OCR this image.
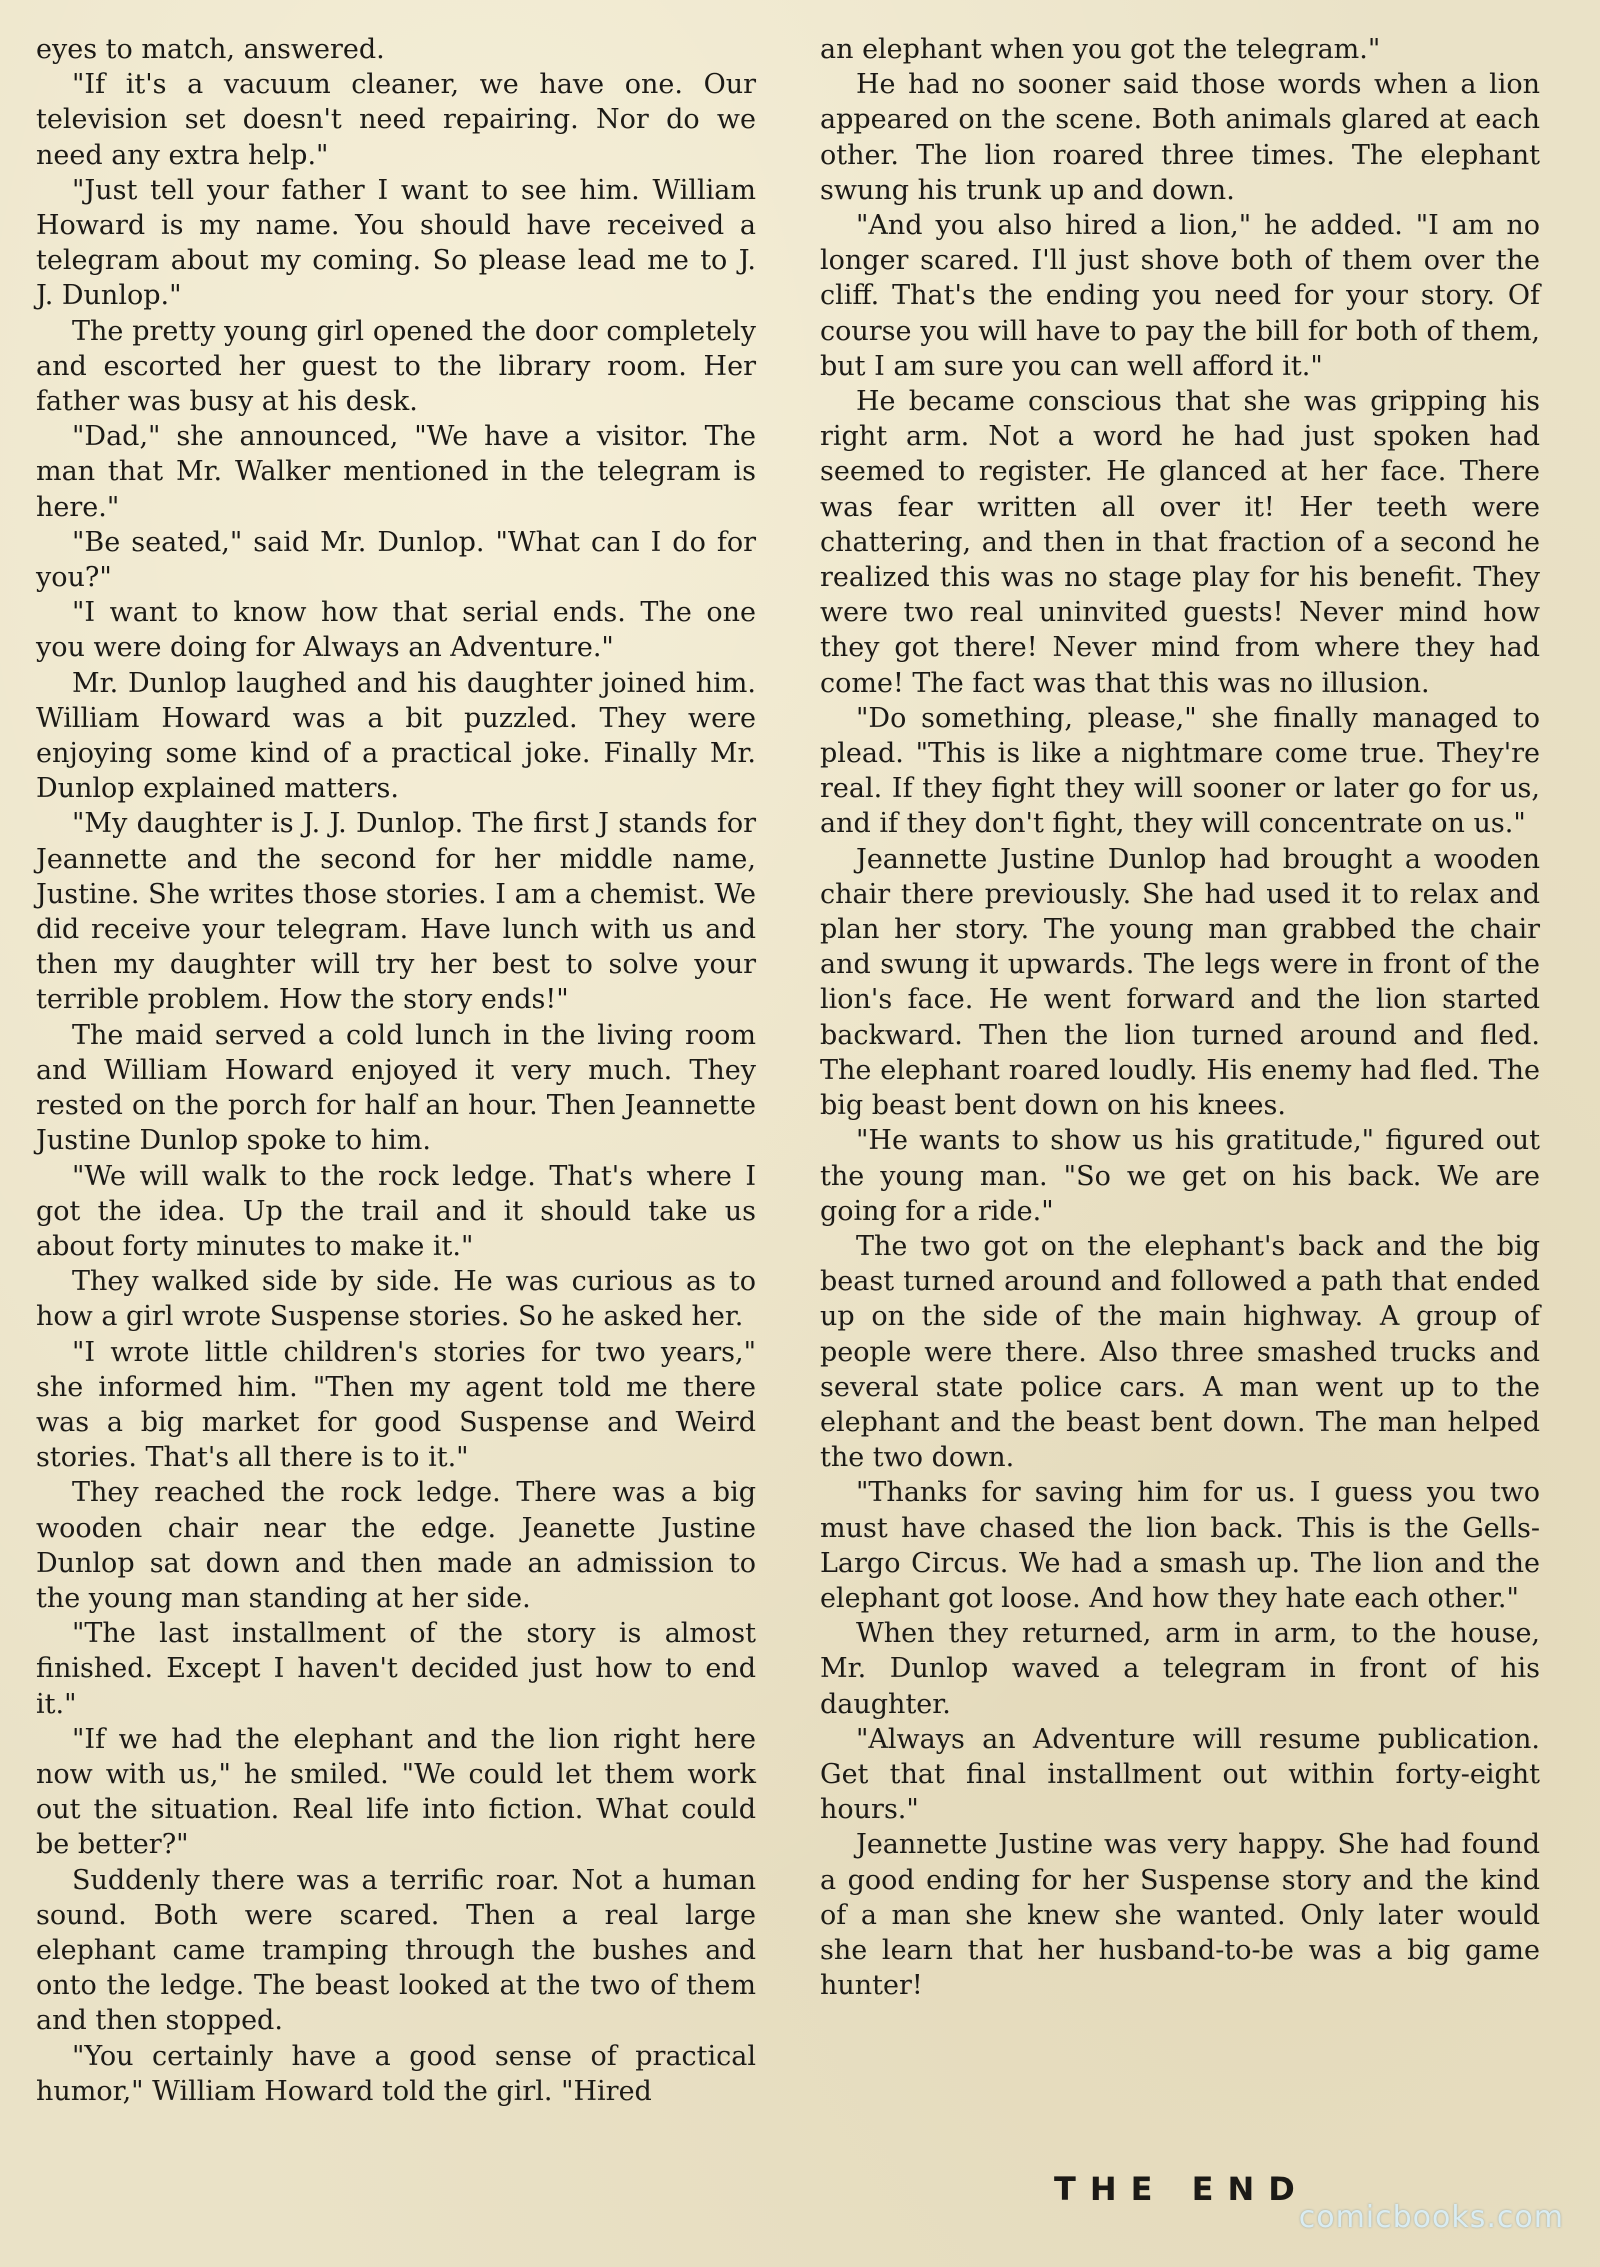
eyes to match, answered.

"If it's a vacuum cleaner, we have one. Our television set doesn't need repairing. Nor do we need any extra help."

"Just tell your father I want to see him. William Howard is my name. You should have received a telegram about my coming. So please lead me to J. J. Dunlop."

The pretty young girl opened the door completely and escorted her guest to the library room. Her father was busy at his desk.

"Dad," she announced, "We have a visitor. The man that Mr. Walker mentioned in the telegram is here."

"Be seated," said Mr. Dunlop. "What can I do for you?"

"I want to know how that serial ends. The one you were doing for Always an Adventure."

Mr. Dunlop laughed and his daughter joined him. William Howard was a bit puzzled. They were enjoying some kind of a practical joke. Finally Mr. Dunlop explained matters.

"My daughter is J. J. Dunlop. The first J stands for Jeannette and the second for her middle name, Justine. She writes those stories. I am a chemist. We did receive your telegram. Have lunch with us and then my daughter will try her best to solve your terrible problem. How the story ends!"

The maid served a cold lunch in the living room and William Howard enjoyed it very much. They rested on the porch for half an hour. Then Jeannette Justine Dunlop spoke to him.

"We will walk to the rock ledge. That's where I got the idea. Up the trail and it should take us about forty minutes to make it."

They walked side by side. He was curious as to how a girl wrote Suspense stories. So he asked her.

"I wrote little children's stories for two years," she informed him. "Then my agent told me there was a big market for good Suspense and Weird stories. That's all there is to it."

They reached the rock ledge. There was a big wooden chair near the edge. Jeanette Justine Dunlop sat down and then made an admission to the young man standing at her side.

"The last installment of the story is almost finished. Except I haven't decided just how to end it."

"If we had the elephant and the lion right here now with us," he smiled. "We could let them work out the situation. Real life into fiction. What could be better?"

Suddenly there was a terrific roar. Not a human sound. Both were scared. Then a real large elephant came tramping through the bushes and onto the ledge. The beast looked at the two of them and then stopped.

"You certainly have a good sense of practical humor," William Howard told the girl. "Hired

an elephant when you got the telegram."

He had no sooner said those words when a lion appeared on the scene. Both animals glared at each other. The lion roared three times. The elephant swung his trunk up and down.

"And you also hired a lion," he added. "I am no longer scared. I'll just shove both of them over the cliff. That's the ending you need for your story. Of course you will have to pay the bill for both of them, but I am sure you can well afford it."

He became conscious that she was gripping his right arm. Not a word he had just spoken had seemed to register. He glanced at her face. There was fear written all over it! Her teeth were chattering, and then in that fraction of a second he realized this was no stage play for his benefit. They were two real uninvited guests! Never mind how they got there! Never mind from where they had come! The fact was that this was no illusion.

"Do something, please," she finally managed to plead. "This is like a nightmare come true. They're real. If they fight they will sooner or later go for us, and if they don't fight, they will concentrate on us."

Jeannette Justine Dunlop had brought a wooden chair there previously. She had used it to relax and plan her story. The young man grabbed the chair and swung it upwards. The legs were in front of the lion's face. He went forward and the lion started backward. Then the lion turned around and fled. The elephant roared loudly. His enemy had fled. The big beast bent down on his knees.

"He wants to show us his gratitude," figured out the young man. "So we get on his back. We are going for a ride."

The two got on the elephant's back and the big beast turned around and followed a path that ended up on the side of the main highway. A group of people were there. Also three smashed trucks and several state police cars. A man went up to the elephant and the beast bent down. The man helped the two down.

"Thanks for saving him for us. I guess you two must have chased the lion back. This is the Gells-Largo Circus. We had a smash up. The lion and the elephant got loose. And how they hate each other."

When they returned, arm in arm, to the house, Mr. Dunlop waved a telegram in front of his daughter.

"Always an Adventure will resume publication. Get that final installment out within forty-eight hours."

Jeannette Justine was very happy. She had found a good ending for her Suspense story and the kind of a man she knew she wanted. Only later would she learn that her husband-to-be was a big game hunter!

THE END
comicbooks.com
